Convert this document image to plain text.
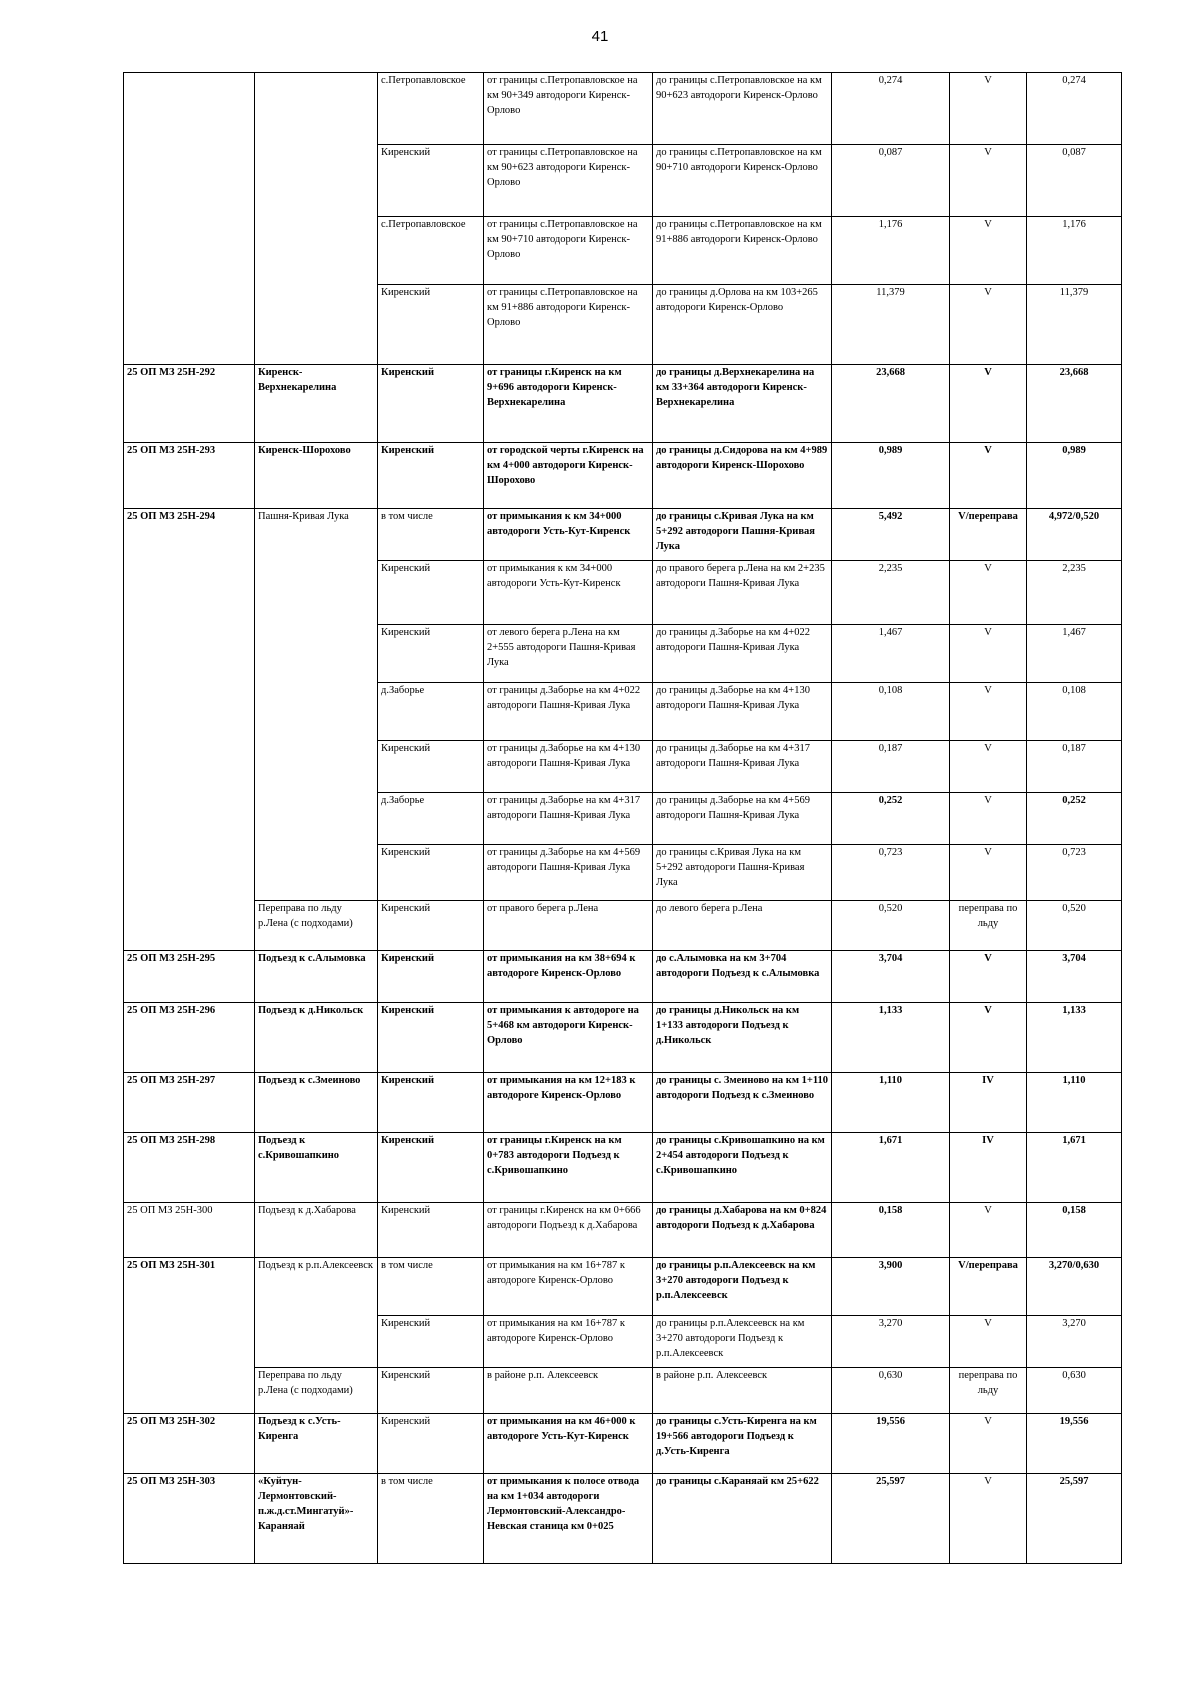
41
		с.Петропавловское	от границы с.Петропавловское на км 90+349 автодороги Киренск-Орлово	до границы с.Петропавловское на км 90+623 автодороги Киренск-Орлово	0,274	V	0,274
		Киренский	от границы с.Петропавловское на км 90+623 автодороги Киренск-Орлово	до границы с.Петропавловское на км 90+710 автодороги Киренск-Орлово	0,087	V	0,087
		с.Петропавловское	от границы с.Петропавловское на км 90+710 автодороги Киренск-Орлово	до границы с.Петропавловское на км 91+886 автодороги Киренск-Орлово	1,176	V	1,176
		Киренский	от границы с.Петропавловское на км 91+886 автодороги Киренск-Орлово	до границы д.Орлова на км 103+265 автодороги Киренск-Орлово	11,379	V	11,379
25 ОП МЗ 25Н-292	Киренск-Верхнекарелина	Киренский	от границы г.Киренск на км 9+696 автодороги Киренск-Верхнекарелина	до границы д.Верхнекарелина на км 33+364 автодороги Киренск-Верхнекарелина	23,668	V	23,668
25 ОП МЗ 25Н-293	Киренск-Шорохово	Киренский	от городской черты г.Киренск на км 4+000 автодороги Киренск-Шорохово	до границы д.Сидорова на км 4+989 автодороги Киренск-Шорохово	0,989	V	0,989
25 ОП МЗ 25Н-294	Пашня-Кривая Лука	в том числе	от примыкания к км 34+000 автодороги Усть-Кут-Киренск	до границы с.Кривая Лука на км 5+292 автодороги Пашня-Кривая Лука	5,492	V/переправа	4,972/0,520
		Киренский	от примыкания к км 34+000 автодороги Усть-Кут-Киренск	до правого берега р.Лена на км 2+235 автодороги Пашня-Кривая Лука	2,235	V	2,235
		Киренский	от левого берега р.Лена на км 2+555 автодороги Пашня-Кривая Лука	до границы д.Заборье на км 4+022 автодороги Пашня-Кривая Лука	1,467	V	1,467
		д.Заборье	от границы д.Заборье на км 4+022 автодороги Пашня-Кривая Лука	до границы д.Заборье на км 4+130 автодороги Пашня-Кривая Лука	0,108	V	0,108
		Киренский	от границы д.Заборье на км 4+130 автодороги Пашня-Кривая Лука	до границы д.Заборье на км 4+317 автодороги Пашня-Кривая Лука	0,187	V	0,187
		д.Заборье	от границы д.Заборье на км 4+317 автодороги Пашня-Кривая Лука	до границы д.Заборье на км 4+569 автодороги Пашня-Кривая Лука	0,252	V	0,252
		Киренский	от границы д.Заборье на км 4+569 автодороги Пашня-Кривая Лука	до границы с.Кривая Лука на км 5+292 автодороги Пашня-Кривая Лука	0,723	V	0,723
	Переправа по льду р.Лена (с подходами)	Киренский	от правого берега р.Лена	до левого берега р.Лена	0,520	переправа по льду	0,520
25 ОП МЗ 25Н-295	Подъезд к с.Алымовка	Киренский	от примыкания на км 38+694 к автодороге Киренск-Орлово	до с.Алымовка на км 3+704 автодороги Подъезд к с.Алымовка	3,704	V	3,704
25 ОП МЗ 25Н-296	Подъезд к д.Никольск	Киренский	от примыкания к автодороге на 5+468 км автодороги Киренск-Орлово	до границы д.Никольск на км 1+133 автодороги Подъезд к д.Никольск	1,133	V	1,133
25 ОП МЗ 25Н-297	Подъезд к с.Змеиново	Киренский	от примыкания на км 12+183 к автодороге Киренск-Орлово	до границы с. Змеиново на км 1+110 автодороги Подъезд к с.Змеиново	1,110	IV	1,110
25 ОП МЗ 25Н-298	Подъезд к с.Кривошапкино	Киренский	от границы г.Киренск на км 0+783 автодороги Подъезд к с.Кривошапкино	до границы с.Кривошапкино на км 2+454 автодороги Подъезд к с.Кривошапкино	1,671	IV	1,671
25 ОП МЗ 25Н-300	Подъезд к д.Хабарова	Киренский	от границы г.Киренск на км 0+666 автодороги Подъезд к д.Хабарова	до границы д.Хабарова на км 0+824 автодороги Подъезд к д.Хабарова	0,158	V	0,158
25 ОП МЗ 25Н-301	Подъезд к р.п.Алексеевск	в том числе	от примыкания на км 16+787 к автодороге Киренск-Орлово	до границы р.п.Алексеевск на км 3+270 автодороги Подъезд к р.п.Алексеевск	3,900	V/переправа	3,270/0,630
		Киренский	от примыкания на км 16+787 к автодороге Киренск-Орлово	до границы р.п.Алексеевск на км 3+270 автодороги Подъезд к р.п.Алексеевск	3,270	V	3,270
	Переправа по льду р.Лена (с подходами)	Киренский	в районе р.п. Алексеевск	в районе р.п. Алексеевск	0,630	переправа по льду	0,630
25 ОП МЗ 25Н-302	Подъезд к с.Усть-Киренга	Киренский	от примыкания на км 46+000 к автодороге Усть-Кут-Киренск	до границы с.Усть-Киренга на км 19+566 автодороги Подъезд к д.Усть-Киренга	19,556	V	19,556
25 ОП МЗ 25Н-303	«Куйтун-Лермонтовский-п.ж.д.ст.Мингатуй»-Караняай	в том числе	от примыкания к полосе отвода на км 1+034 автодороги Лермонтовский-Александро-Невская станица км 0+025	до границы с.Караняай км 25+622	25,597	V	25,597
